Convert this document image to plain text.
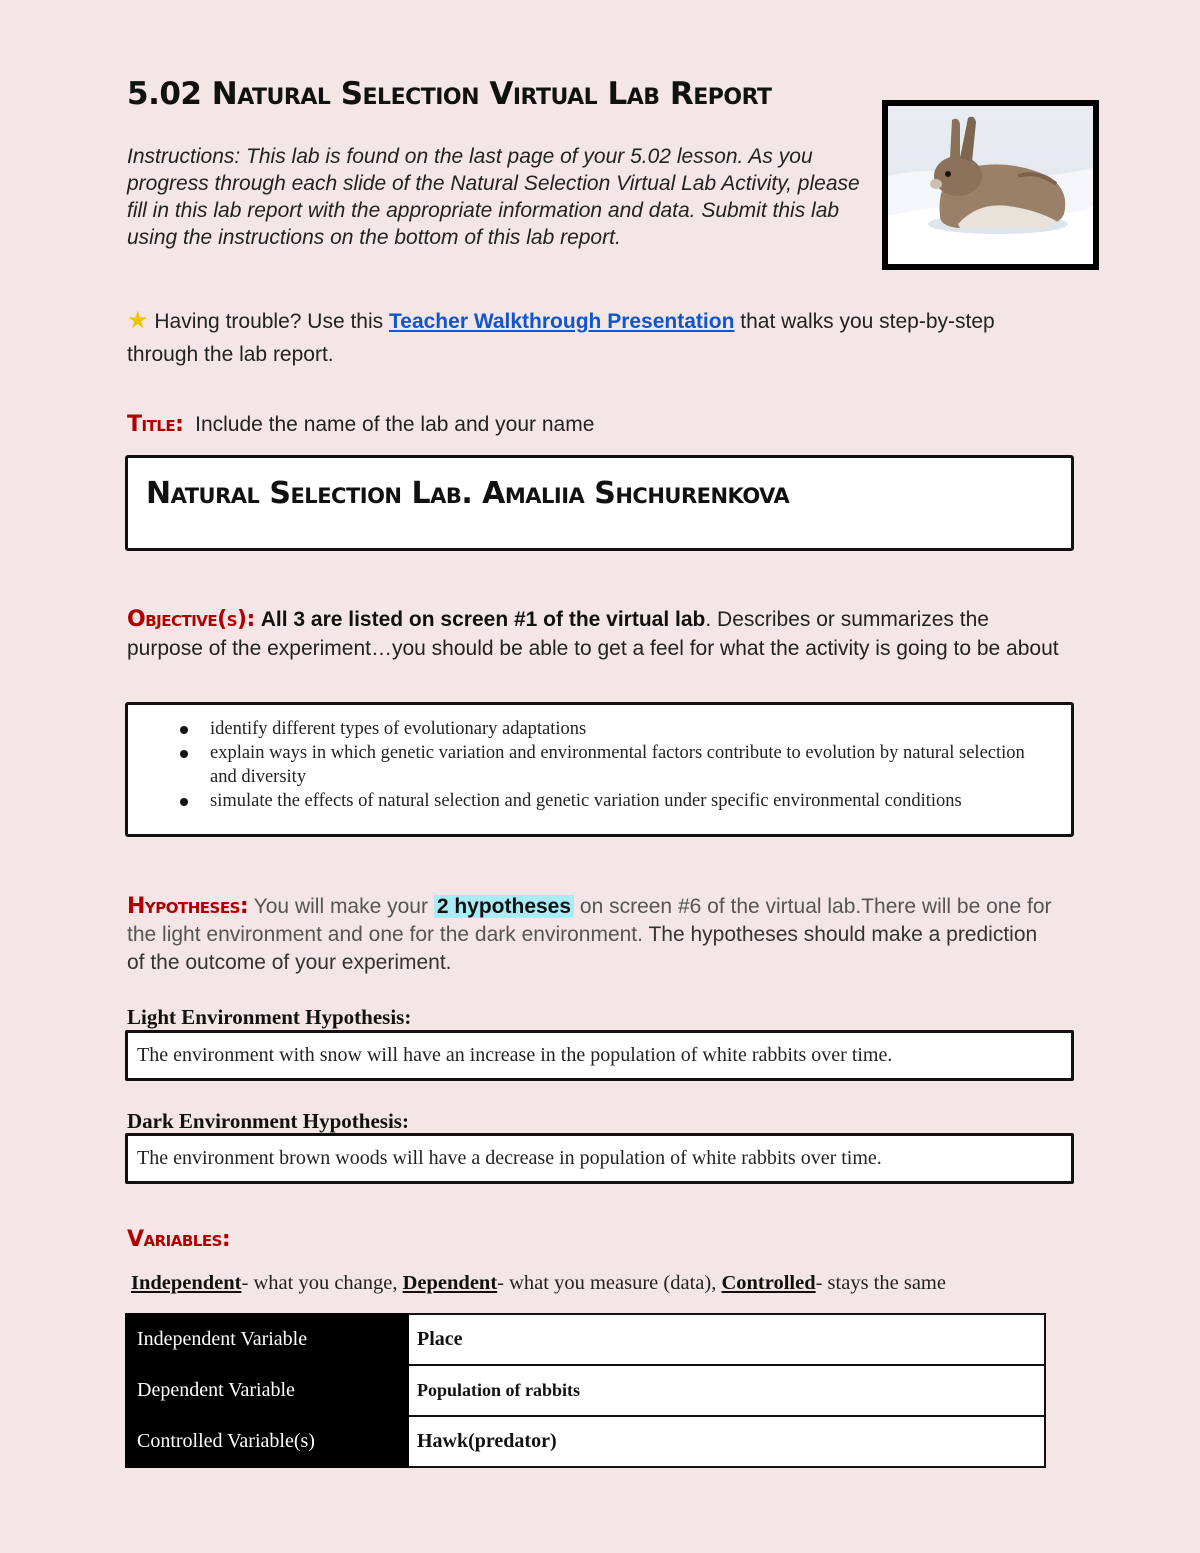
5.02 Natural Selection Virtual Lab Report
Instructions: This lab is found on the last page of your 5.02 lesson. As you progress through each slide of the Natural Selection Virtual Lab Activity, please fill in this lab report with the appropriate information and data. Submit this lab using the instructions on the bottom of this lab report.
★ Having trouble? Use this Teacher Walkthrough Presentation that walks you step-by-step through the lab report.
Title: Include the name of the lab and your name
Natural Selection Lab. Amaliia Shchurenkova
Objective(s): All 3 are listed on screen #1 of the virtual lab. Describes or summarizes the purpose of the experiment…you should be able to get a feel for what the activity is going to be about
identify different types of evolutionary adaptations
explain ways in which genetic variation and environmental factors contribute to evolution by natural selection and diversity
simulate the effects of natural selection and genetic variation under specific environmental conditions
Hypotheses: You will make your 2 hypotheses on screen #6 of the virtual lab.There will be one for the light environment and one for the dark environment. The hypotheses should make a prediction of the outcome of your experiment.
Light Environment Hypothesis:
The environment with snow will have an increase in the population of white rabbits over time.
Dark Environment Hypothesis:
The environment brown woods will have a decrease in population of white rabbits over time.
Variables:
Independent- what you change, Dependent- what you measure (data), Controlled- stays the same
Independent Variable	Place
Dependent Variable	Population of rabbits
Controlled Variable(s)	Hawk(predator)
